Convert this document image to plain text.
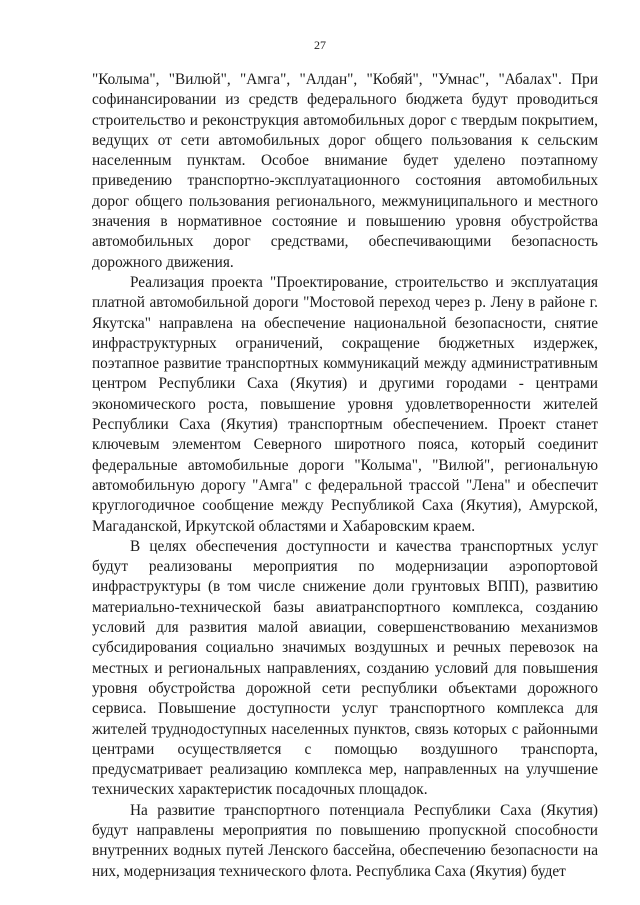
27

"Колыма", "Вилюй", "Амга", "Алдан", "Кобяй", "Умнас", "Абалах". При софинансировании из средств федерального бюджета будут проводиться строительство и реконструкция автомобильных дорог с твердым покрытием, ведущих от сети автомобильных дорог общего пользования к сельским населенным пунктам. Особое внимание будет уделено поэтапному приведению транспортно-эксплуатационного состояния автомобильных дорог общего пользования регионального, межмуниципального и местного значения в нормативное состояние и повышению уровня обустройства автомобильных дорог средствами, обеспечивающими безопасность дорожного движения.

Реализация проекта "Проектирование, строительство и эксплуатация платной автомобильной дороги "Мостовой переход через р. Лену в районе г. Якутска" направлена на обеспечение национальной безопасности, снятие инфраструктурных ограничений, сокращение бюджетных издержек, поэтапное развитие транспортных коммуникаций между административным центром Республики Саха (Якутия) и другими городами - центрами экономического роста, повышение уровня удовлетворенности жителей Республики Саха (Якутия) транспортным обеспечением. Проект станет ключевым элементом Северного широтного пояса, который соединит федеральные автомобильные дороги "Колыма", "Вилюй", региональную автомобильную дорогу "Амга" с федеральной трассой "Лена" и обеспечит круглогодичное сообщение между Республикой Саха (Якутия), Амурской, Магаданской, Иркутской областями и Хабаровским краем.

В целях обеспечения доступности и качества транспортных услуг будут реализованы мероприятия по модернизации аэропортовой инфраструктуры (в том числе снижение доли грунтовых ВПП), развитию материально-технической базы авиатранспортного комплекса, созданию условий для развития малой авиации, совершенствованию механизмов субсидирования социально значимых воздушных и речных перевозок на местных и региональных направлениях, созданию условий для повышения уровня обустройства дорожной сети республики объектами дорожного сервиса. Повышение доступности услуг транспортного комплекса для жителей труднодоступных населенных пунктов, связь которых с районными центрами осуществляется с помощью воздушного транспорта, предусматривает реализацию комплекса мер, направленных на улучшение технических характеристик посадочных площадок.

На развитие транспортного потенциала Республики Саха (Якутия) будут направлены мероприятия по повышению пропускной способности внутренних водных путей Ленского бассейна, обеспечению безопасности на них, модернизация технического флота. Республика Саха (Якутия) будет
